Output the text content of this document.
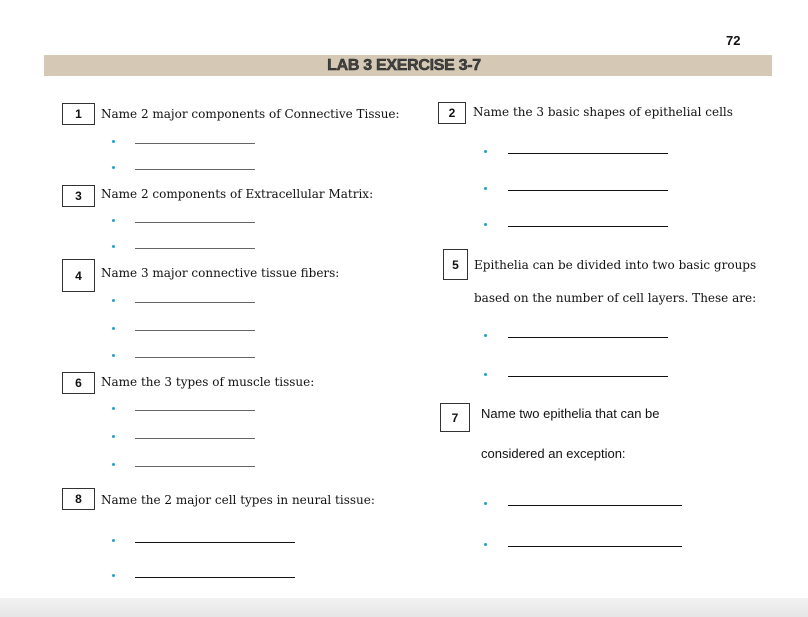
72
LAB 3 EXERCISE 3-7
1	Name 2 major components of Connective Tissue:	2	Name the 3 basic shapes of epithelial cells
3	Name 2 components of Extracellular Matrix:
4	Name 3 major connective tissue fibers:
5	Epithelia can be divided into two basic groups
based on the number of cell layers. These are:
6	Name the 3 types of muscle tissue:
7	Name two epithelia that can be
considered an exception:
8	Name the 2 major cell types in neural tissue:
